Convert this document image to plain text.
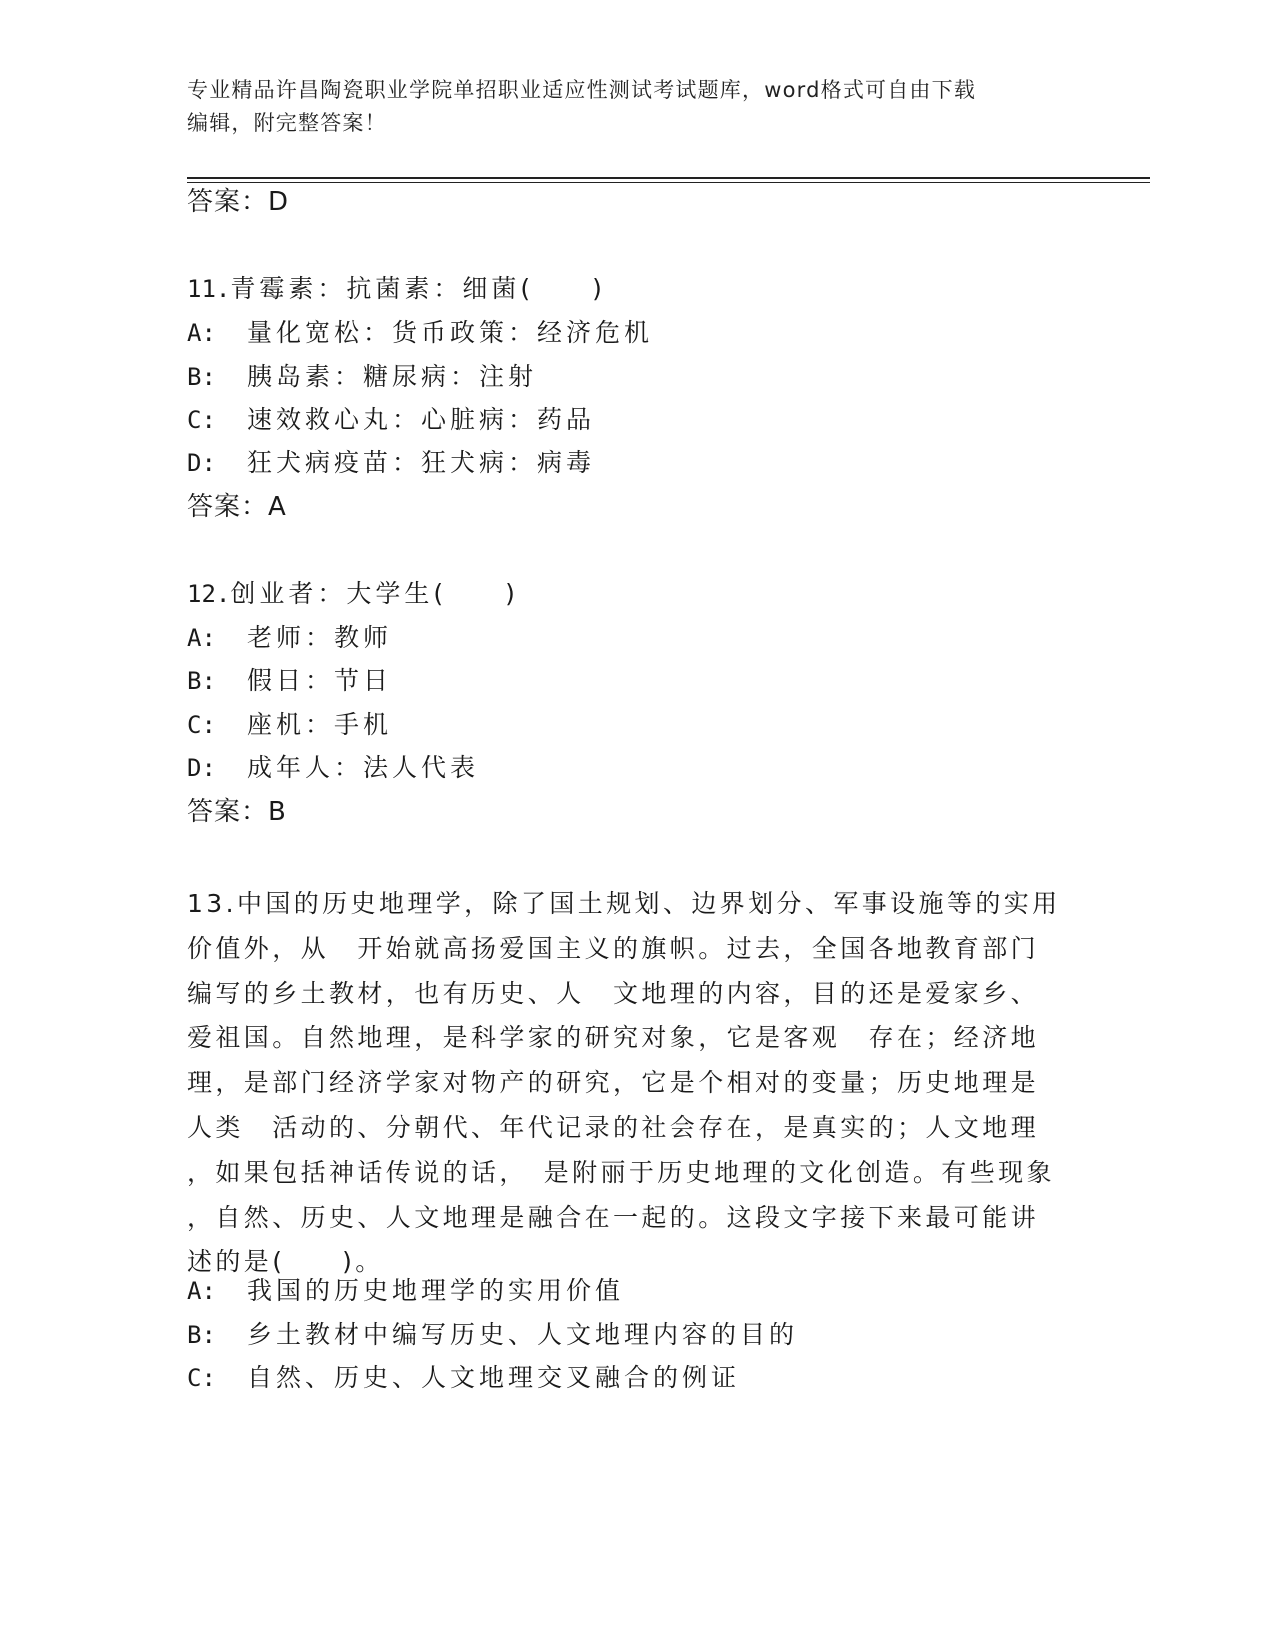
专业精品许昌陶瓷职业学院单招职业适应性测试考试题库，word格式可自由下载
编辑，附完整答案！
答案：D
11.青霉素：抗菌素：细菌(　　)
A: 量化宽松：货币政策：经济危机
B: 胰岛素：糖尿病：注射
C: 速效救心丸：心脏病：药品
D: 狂犬病疫苗：狂犬病：病毒
答案：A
12.创业者：大学生(　　)
A: 老师：教师
B: 假日：节日
C: 座机：手机
D: 成年人：法人代表
答案：B
13.中国的历史地理学，除了国土规划、边界划分、军事设施等的实用
价值外，从　开始就高扬爱国主义的旗帜。过去，全国各地教育部门
编写的乡土教材，也有历史、人　文地理的内容，目的还是爱家乡、
爱祖国。自然地理，是科学家的研究对象，它是客观　存在；经济地
理，是部门经济学家对物产的研究，它是个相对的变量；历史地理是
人类　活动的、分朝代、年代记录的社会存在，是真实的；人文地理
，如果包括神话传说的话，　是附丽于历史地理的文化创造。有些现象
，自然、历史、人文地理是融合在一起的。这段文字接下来最可能讲
述的是(　　)。
A: 我国的历史地理学的实用价值
B: 乡土教材中编写历史、人文地理内容的目的
C: 自然、历史、人文地理交叉融合的例证
